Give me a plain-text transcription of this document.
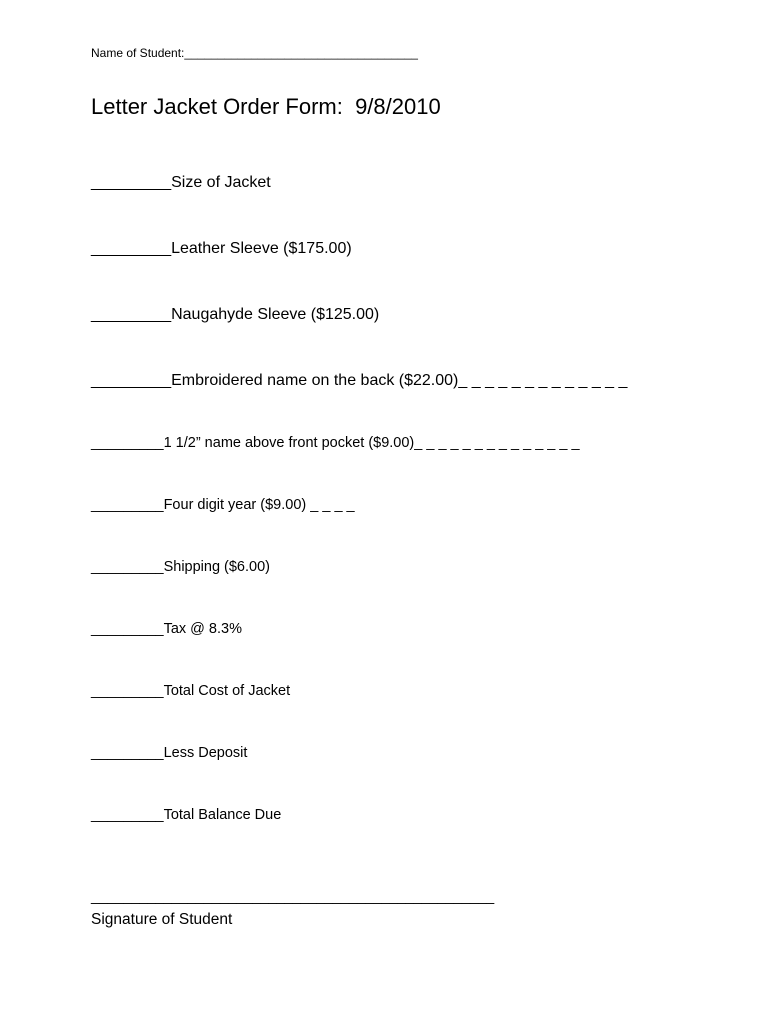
Name of Student:___________________________________
Letter Jacket Order Form:  9/8/2010
_________Size of Jacket
_________Leather Sleeve ($175.00)
_________Naugahyde Sleeve ($125.00)
_________Embroidered name on the back ($22.00)_ _ _ _ _ _ _ _ _ _ _ _ _
_________1 1/2” name above front pocket ($9.00)_ _ _ _ _ _ _ _ _ _ _ _ _ _
_________Four digit year ($9.00) _ _ _ _
_________Shipping ($6.00)
_________Tax @ 8.3%
_________Total Cost of Jacket
_________Less Deposit
_________Total Balance Due
__________________________________________________
Signature of Student
